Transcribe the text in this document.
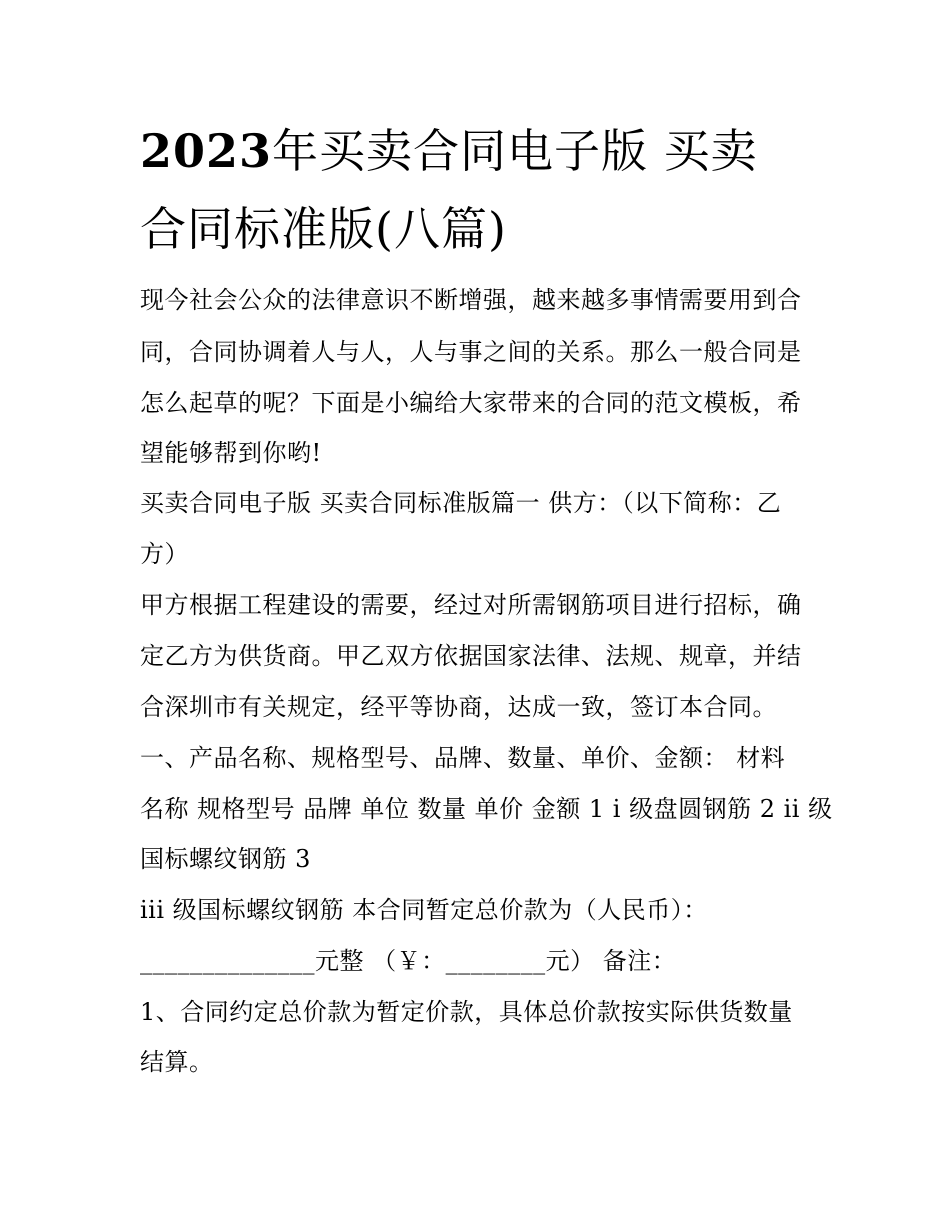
2023年买卖合同电子版 买卖
合同标准版(八篇)
现今社会公众的法律意识不断增强，越来越多事情需要用到合
同，合同协调着人与人，人与事之间的关系。那么一般合同是
怎么起草的呢？下面是小编给大家带来的合同的范文模板，希
望能够帮到你哟!
买卖合同电子版 买卖合同标准版篇一 供方：（以下简称：乙
方）
甲方根据工程建设的需要，经过对所需钢筋项目进行招标，确
定乙方为供货商。甲乙双方依据国家法律、法规、规章，并结
合深圳市有关规定，经平等协商，达成一致，签订本合同。
一、产品名称、规格型号、品牌、数量、单价、金额： 材料
名称 规格型号 品牌 单位 数量 单价 金额 1 i 级盘圆钢筋 2 ii 级
国标螺纹钢筋 3
iii 级国标螺纹钢筋 本合同暂定总价款为（人民币）：
______________元整 （￥：________元） 备注：
1、合同约定总价款为暂定价款，具体总价款按实际供货数量
结算。
